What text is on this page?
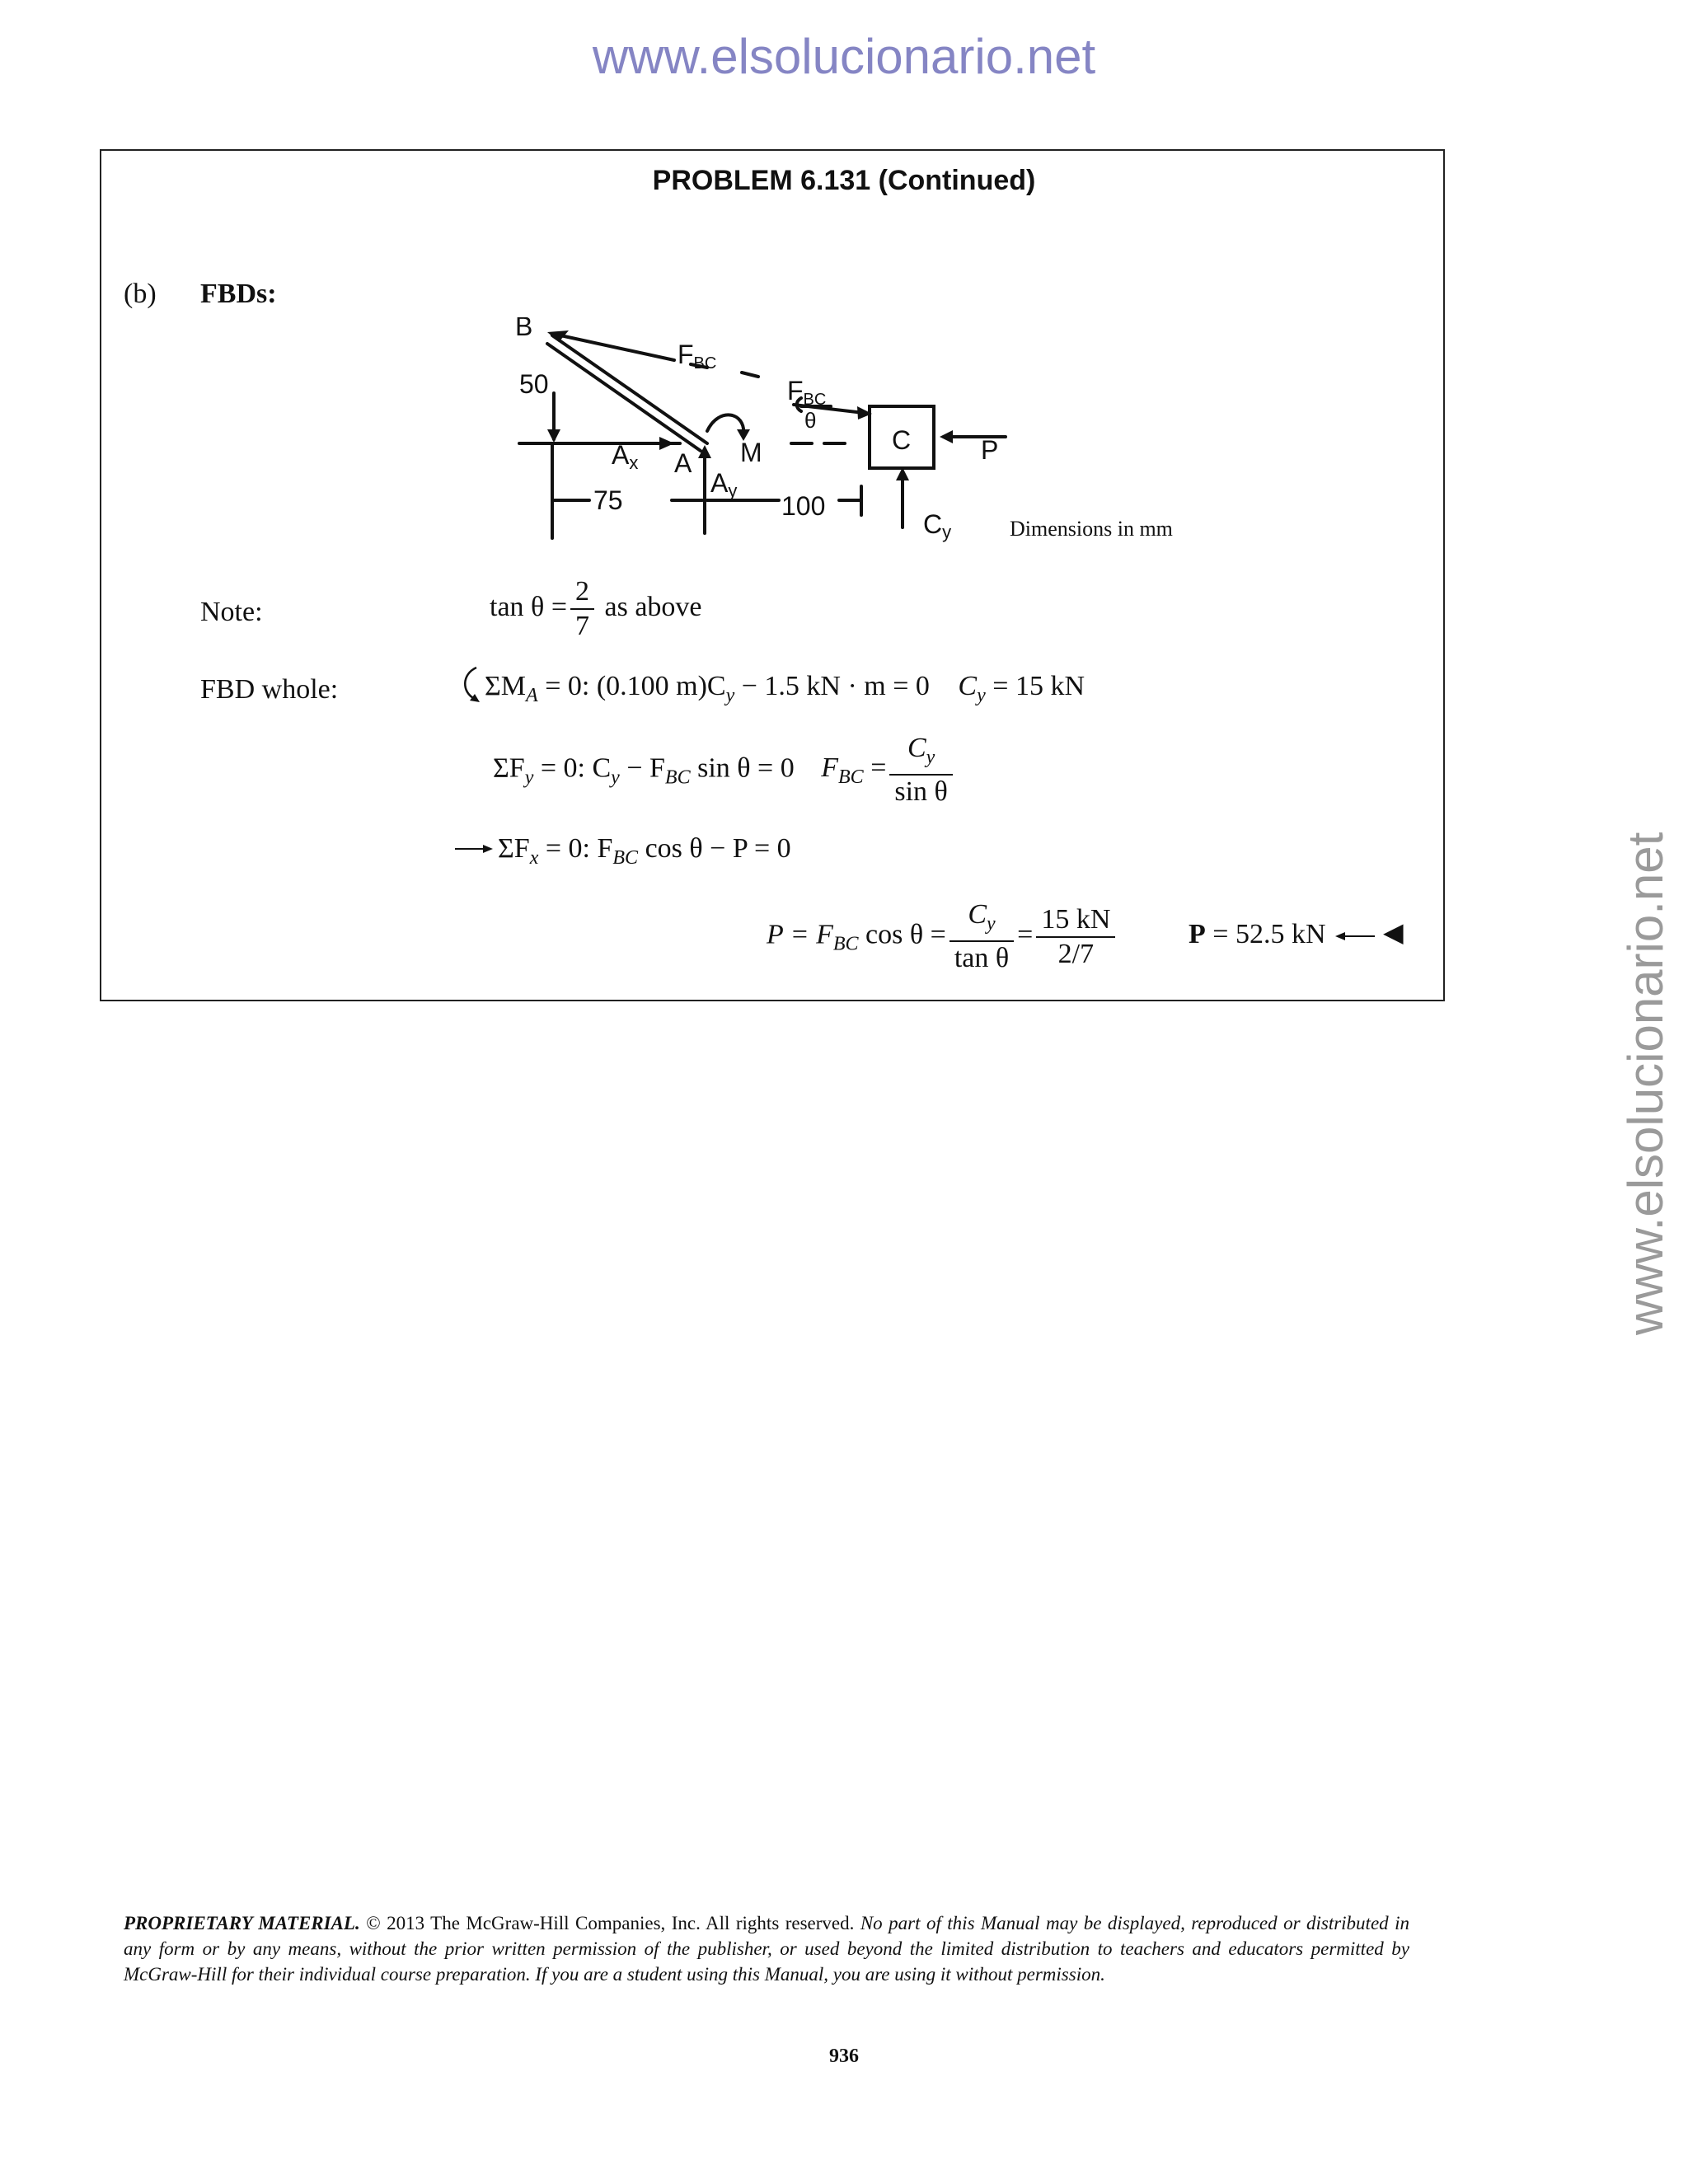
www.elsolucionario.net
www.elsolucionario.net
PROBLEM 6.131 (Continued)
(b) FBDs:
B
FBC
FBC
θ
50
Ax A M	C	P
Ay
75	100
Cy	Dimensions in mm
Note:	$\tan \theta = \frac{2}{7}$ as above
FBD whole:	$\Sigma M_A = 0$: (0.100 $m)C_y - 1.5$ kN · m = 0 $C_y = 15$ kN
$\Sigma F_y = 0$: $C_y - F_{BC}$ sin θ = 0 $F_{BC} = \frac{C_y}{\text{sin θ}}$
$\Sigma F_x = 0$: $F_{BC}$ cos θ − P = 0
$P = F_{BC}$ $\cos \theta = \frac{C_y}{\text{tan θ}} = \frac{15 kN}{2/7}$	P = 52.5 kN ◀
PROPRIETARY MATERIAL. © 2013 The McGraw-Hill Companies, Inc. All rights reserved. No part of this Manual may be displayed, reproduced or distributed in any form or by any means, without the prior written permission of the publisher, or used beyond the limited distribution to teachers and educators permitted by McGraw-Hill for their individual course preparation. If you are a student using this Manual, you are using it without permission.
936
